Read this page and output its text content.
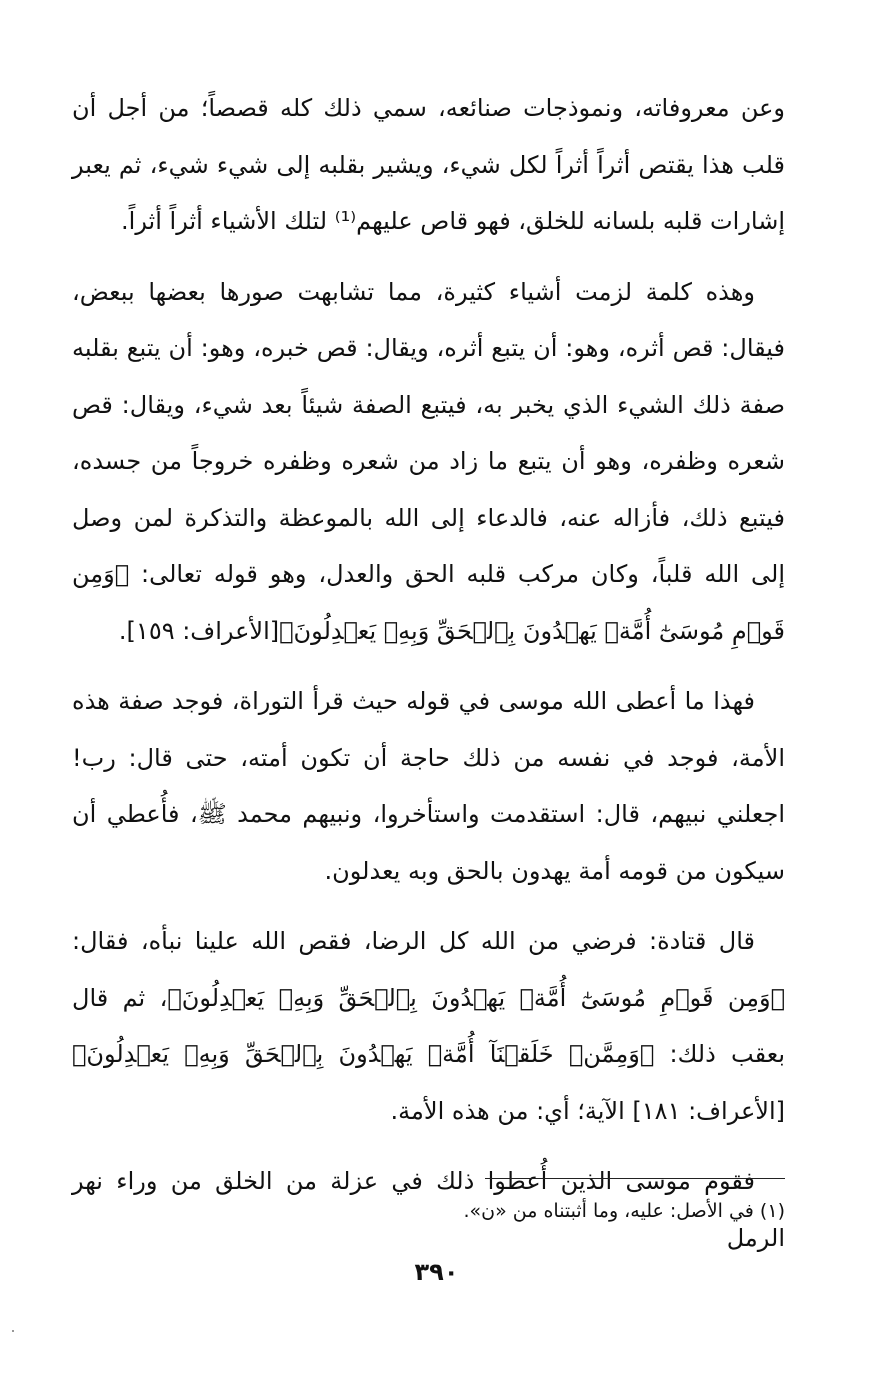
وعن معروفاته، ونموذجات صنائعه، سمي ذلك كله قصصاً؛ من أجل أن قلب هذا يقتص أثراً أثراً لكل شيء، ويشير بقلبه إلى شيء شيء، ثم يعبر إشارات قلبه بلسانه للخلق، فهو قاص عليهم⁽¹⁾ لتلك الأشياء أثراً أثراً.

وهذه كلمة لزمت أشياء كثيرة، مما تشابهت صورها بعضها ببعض، فيقال: قص أثره، وهو: أن يتبع أثره، ويقال: قص خبره، وهو: أن يتبع بقلبه صفة ذلك الشيء الذي يخبر به، فيتبع الصفة شيئاً بعد شيء، ويقال: قص شعره وظفره، وهو أن يتبع ما زاد من شعره وظفره خروجاً من جسده، فيتبع ذلك، فأزاله عنه، فالدعاء إلى الله بالموعظة والتذكرة لمن وصل إلى الله قلباً، وكان مركب قلبه الحق والعدل، وهو قوله تعالى: ﴿وَمِن قَوۡمِ مُوسَىٰٓ أُمَّةٞ يَهۡدُونَ بِٱلۡحَقِّ وَبِهِۦ يَعۡدِلُونَ﴾[الأعراف: ١٥٩].

فهذا ما أعطى الله موسى في قوله حيث قرأ التوراة، فوجد صفة هذه الأمة، فوجد في نفسه من ذلك حاجة أن تكون أمته، حتى قال: رب! اجعلني نبيهم، قال: استقدمت واستأخروا، ونبيهم محمد ﷺ، فأُعطي أن سيكون من قومه أمة يهدون بالحق وبه يعدلون.

قال قتادة: فرضي من الله كل الرضا، فقص الله علينا نبأه، فقال: ﴿وَمِن قَوۡمِ مُوسَىٰٓ أُمَّةٞ يَهۡدُونَ بِٱلۡحَقِّ وَبِهِۦ يَعۡدِلُونَ﴾، ثم قال بعقب ذلك: ﴿وَمِمَّنۡ خَلَقۡنَآ أُمَّةٞ يَهۡدُونَ بِٱلۡحَقِّ وَبِهِۦ يَعۡدِلُونَ﴾[الأعراف: ١٨١] الآية؛ أي: من هذه الأمة.

فقوم موسى الذين أُعطوا ذلك في عزلة من الخلق من وراء نهر الرمل

(١) في الأصل: عليه، وما أثبتناه من «ن».
٣٩٠
